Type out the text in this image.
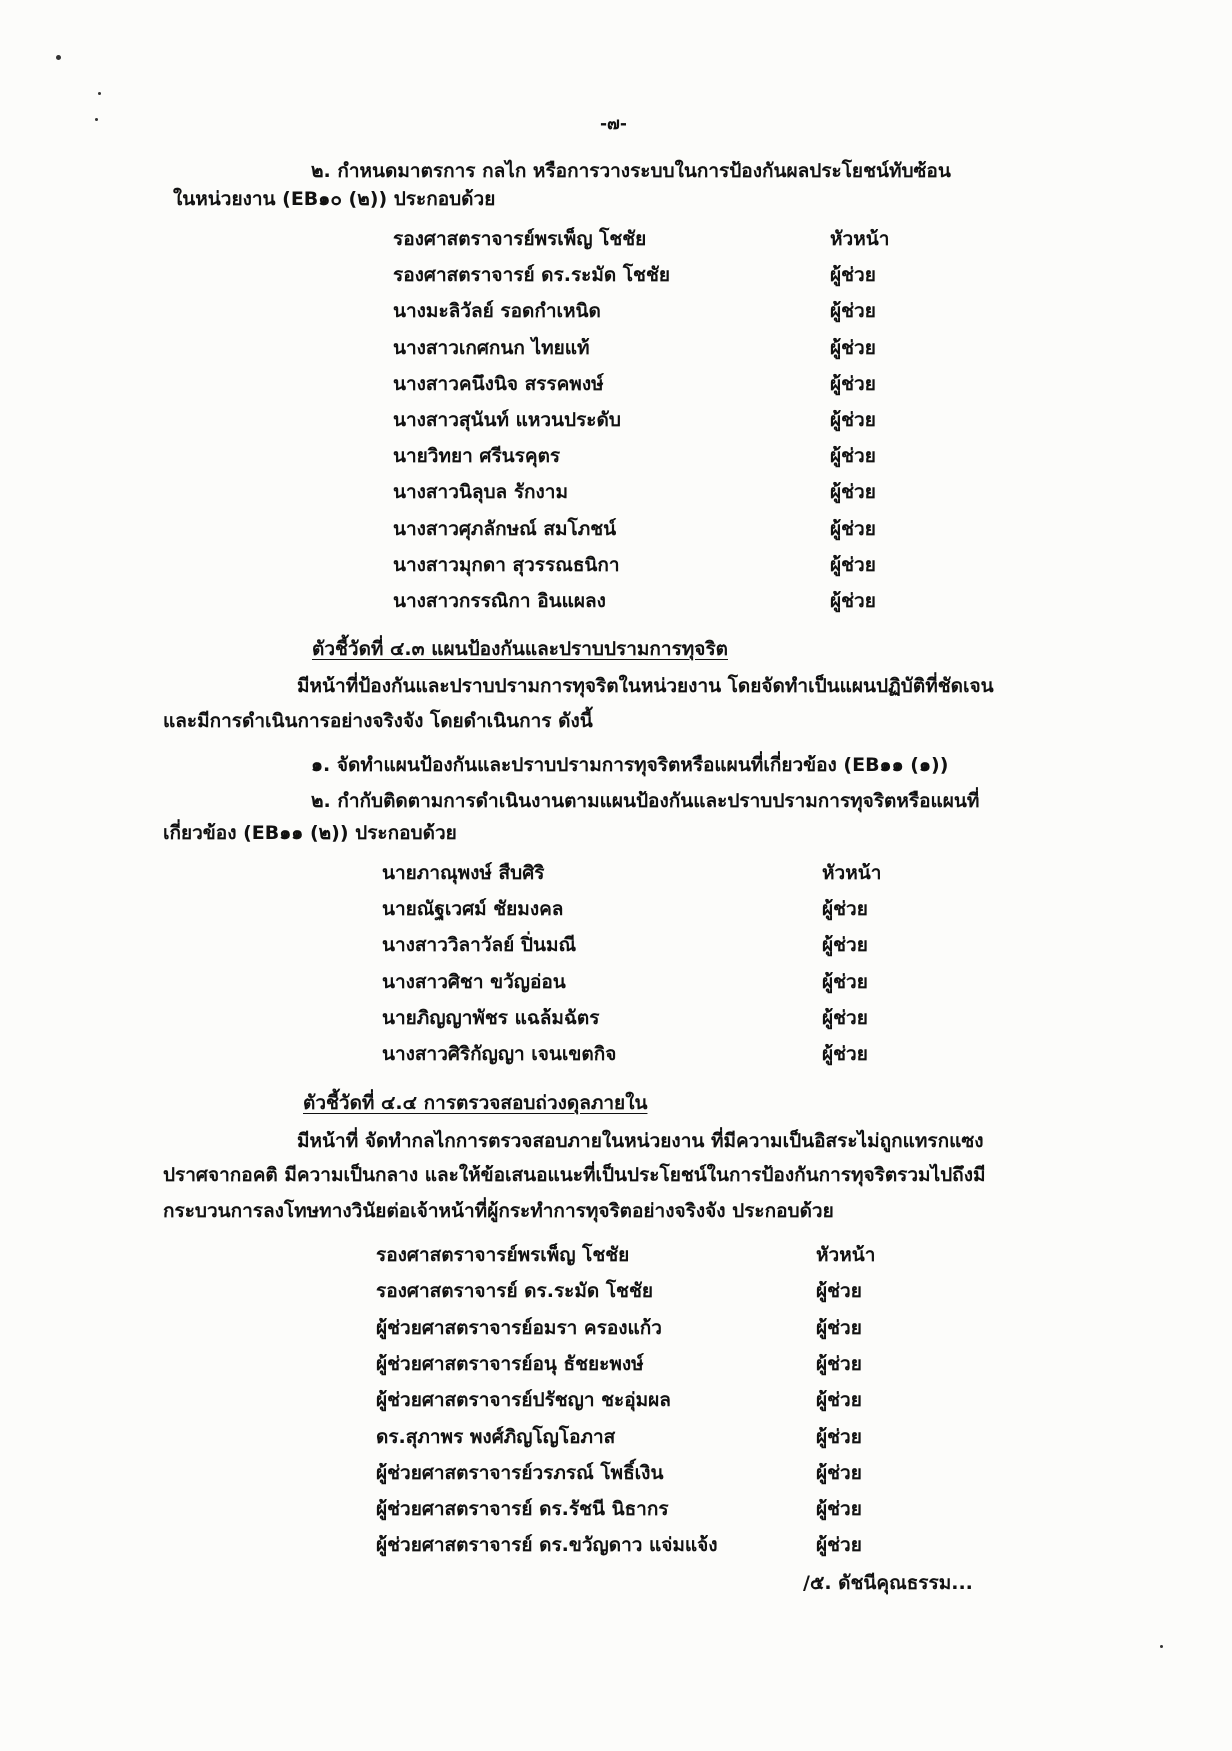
-๗-
๒. กำหนดมาตรการ กลไก หรือการวางระบบในการป้องกันผลประโยชน์ทับซ้อน
ในหน่วยงาน (EB๑๐ (๒)) ประกอบด้วย
รองศาสตราจารย์พรเพ็ญ โชชัย	หัวหน้า
รองศาสตราจารย์ ดร.ระมัด โชชัย	ผู้ช่วย
นางมะลิวัลย์ รอดกำเหนิด	ผู้ช่วย
นางสาวเกศกนก ไทยแท้	ผู้ช่วย
นางสาวคนึงนิจ สรรคพงษ์	ผู้ช่วย
นางสาวสุนันท์ แหวนประดับ	ผู้ช่วย
นายวิทยา ศรีนรคุตร	ผู้ช่วย
นางสาวนิลุบล รักงาม	ผู้ช่วย
นางสาวศุภลักษณ์ สมโภชน์	ผู้ช่วย
นางสาวมุกดา สุวรรณธนิกา	ผู้ช่วย
นางสาวกรรณิกา อินแผลง	ผู้ช่วย
ตัวชี้วัดที่ ๔.๓ แผนป้องกันและปราบปรามการทุจริต
มีหน้าที่ป้องกันและปราบปรามการทุจริตในหน่วยงาน โดยจัดทำเป็นแผนปฏิบัติที่ชัดเจน
และมีการดำเนินการอย่างจริงจัง โดยดำเนินการ ดังนี้
๑. จัดทำแผนป้องกันและปราบปรามการทุจริตหรือแผนที่เกี่ยวข้อง (EB๑๑ (๑))
๒. กำกับติดตามการดำเนินงานตามแผนป้องกันและปราบปรามการทุจริตหรือแผนที่
เกี่ยวข้อง (EB๑๑ (๒)) ประกอบด้วย
นายภาณุพงษ์ สืบศิริ	หัวหน้า
นายณัฐเวศม์ ชัยมงคล	ผู้ช่วย
นางสาววิลาวัลย์ ปิ่นมณี	ผู้ช่วย
นางสาวศิชา ขวัญอ่อน	ผู้ช่วย
นายภิญญาพัชร แฉล้มฉัตร	ผู้ช่วย
นางสาวศิริกัญญา เจนเขตกิจ	ผู้ช่วย
ตัวชี้วัดที่ ๔.๔ การตรวจสอบถ่วงดุลภายใน
มีหน้าที่ จัดทำกลไกการตรวจสอบภายในหน่วยงาน ที่มีความเป็นอิสระไม่ถูกแทรกแซง
ปราศจากอคติ มีความเป็นกลาง และให้ข้อเสนอแนะที่เป็นประโยชน์ในการป้องกันการทุจริตรวมไปถึงมี
กระบวนการลงโทษทางวินัยต่อเจ้าหน้าที่ผู้กระทำการทุจริตอย่างจริงจัง ประกอบด้วย
รองศาสตราจารย์พรเพ็ญ โชชัย	หัวหน้า
รองศาสตราจารย์ ดร.ระมัด โชชัย	ผู้ช่วย
ผู้ช่วยศาสตราจารย์อมรา ครองแก้ว	ผู้ช่วย
ผู้ช่วยศาสตราจารย์อนุ ธัชยะพงษ์	ผู้ช่วย
ผู้ช่วยศาสตราจารย์ปรัชญา ชะอุ่มผล	ผู้ช่วย
ดร.สุภาพร พงศ์ภิญโญโอภาส	ผู้ช่วย
ผู้ช่วยศาสตราจารย์วรภรณ์ โพธิ์เงิน	ผู้ช่วย
ผู้ช่วยศาสตราจารย์ ดร.รัชนี นิธากร	ผู้ช่วย
ผู้ช่วยศาสตราจารย์ ดร.ขวัญดาว แจ่มแจ้ง	ผู้ช่วย
/๕. ดัชนีคุณธรรม...
